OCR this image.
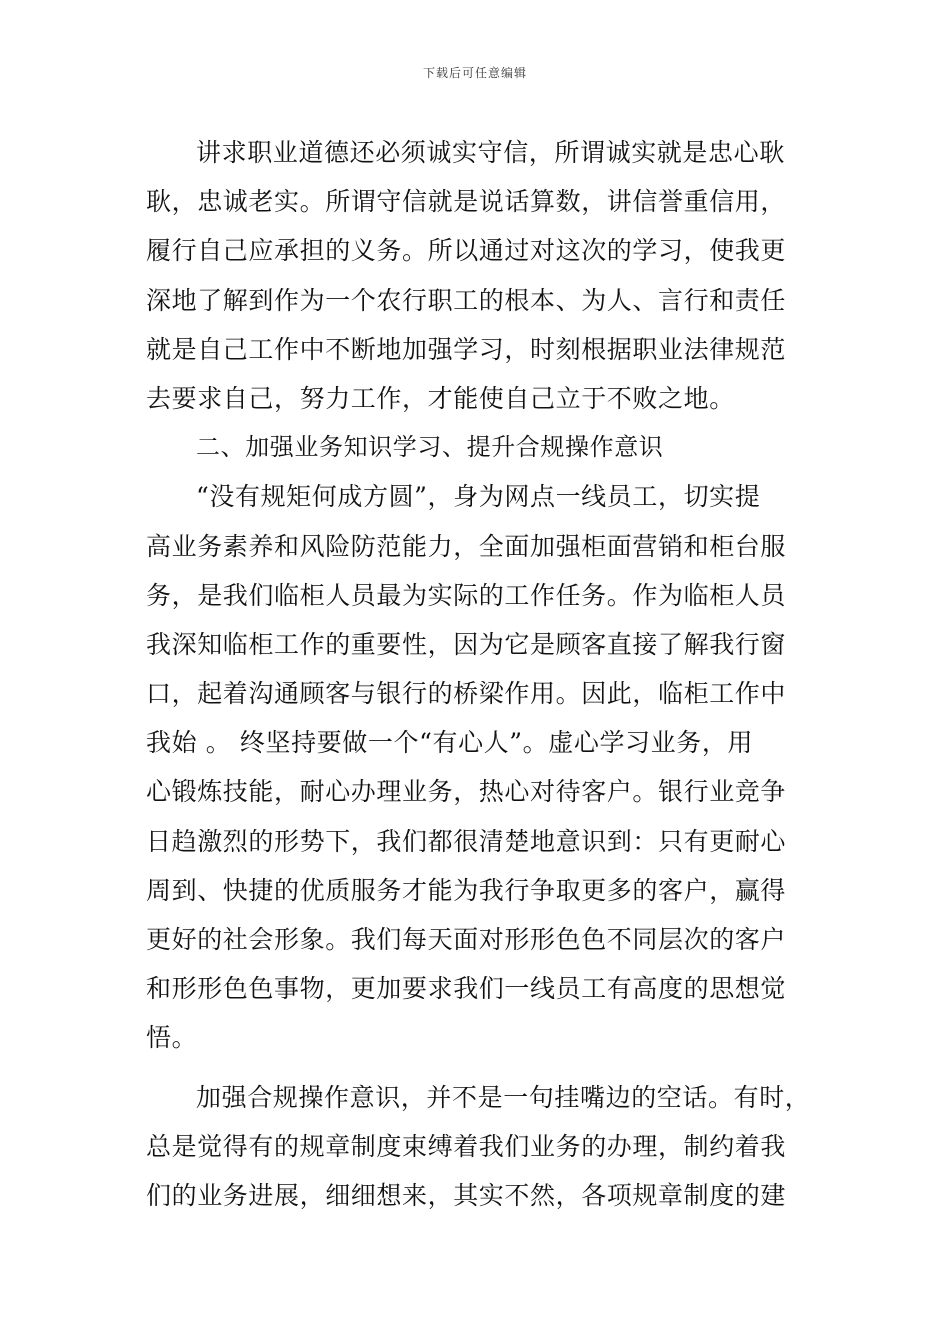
下载后可任意编辑
讲求职业道德还必须诚实守信，所谓诚实就是忠心耿
耿，忠诚老实。所谓守信就是说话算数，讲信誉重信用，
履行自己应承担的义务。所以通过对这次的学习，使我更
深地了解到作为一个农行职工的根本、为人、言行和责任
就是自己工作中不断地加强学习，时刻根据职业法律规范
去要求自己，努力工作，才能使自己立于不败之地。
二、加强业务知识学习、提升合规操作意识
“没有规矩何成方圆”，身为网点一线员工，切实提
高业务素养和风险防范能力，全面加强柜面营销和柜台服
务，是我们临柜人员最为实际的工作任务。作为临柜人员
我深知临柜工作的重要性，因为它是顾客直接了解我行窗
口，起着沟通顾客与银行的桥梁作用。因此，临柜工作中
我始 。 终坚持要做一个“有心人”。虚心学习业务，用
心锻炼技能，耐心办理业务，热心对待客户。银行业竞争
日趋激烈的形势下，我们都很清楚地意识到：只有更耐心
周到、快捷的优质服务才能为我行争取更多的客户，赢得
更好的社会形象。我们每天面对形形色色不同层次的客户
和形形色色事物，更加要求我们一线员工有高度的思想觉
悟。
加强合规操作意识，并不是一句挂嘴边的空话。有时，
总是觉得有的规章制度束缚着我们业务的办理，制约着我
们的业务进展，细细想来，其实不然，各项规章制度的建
